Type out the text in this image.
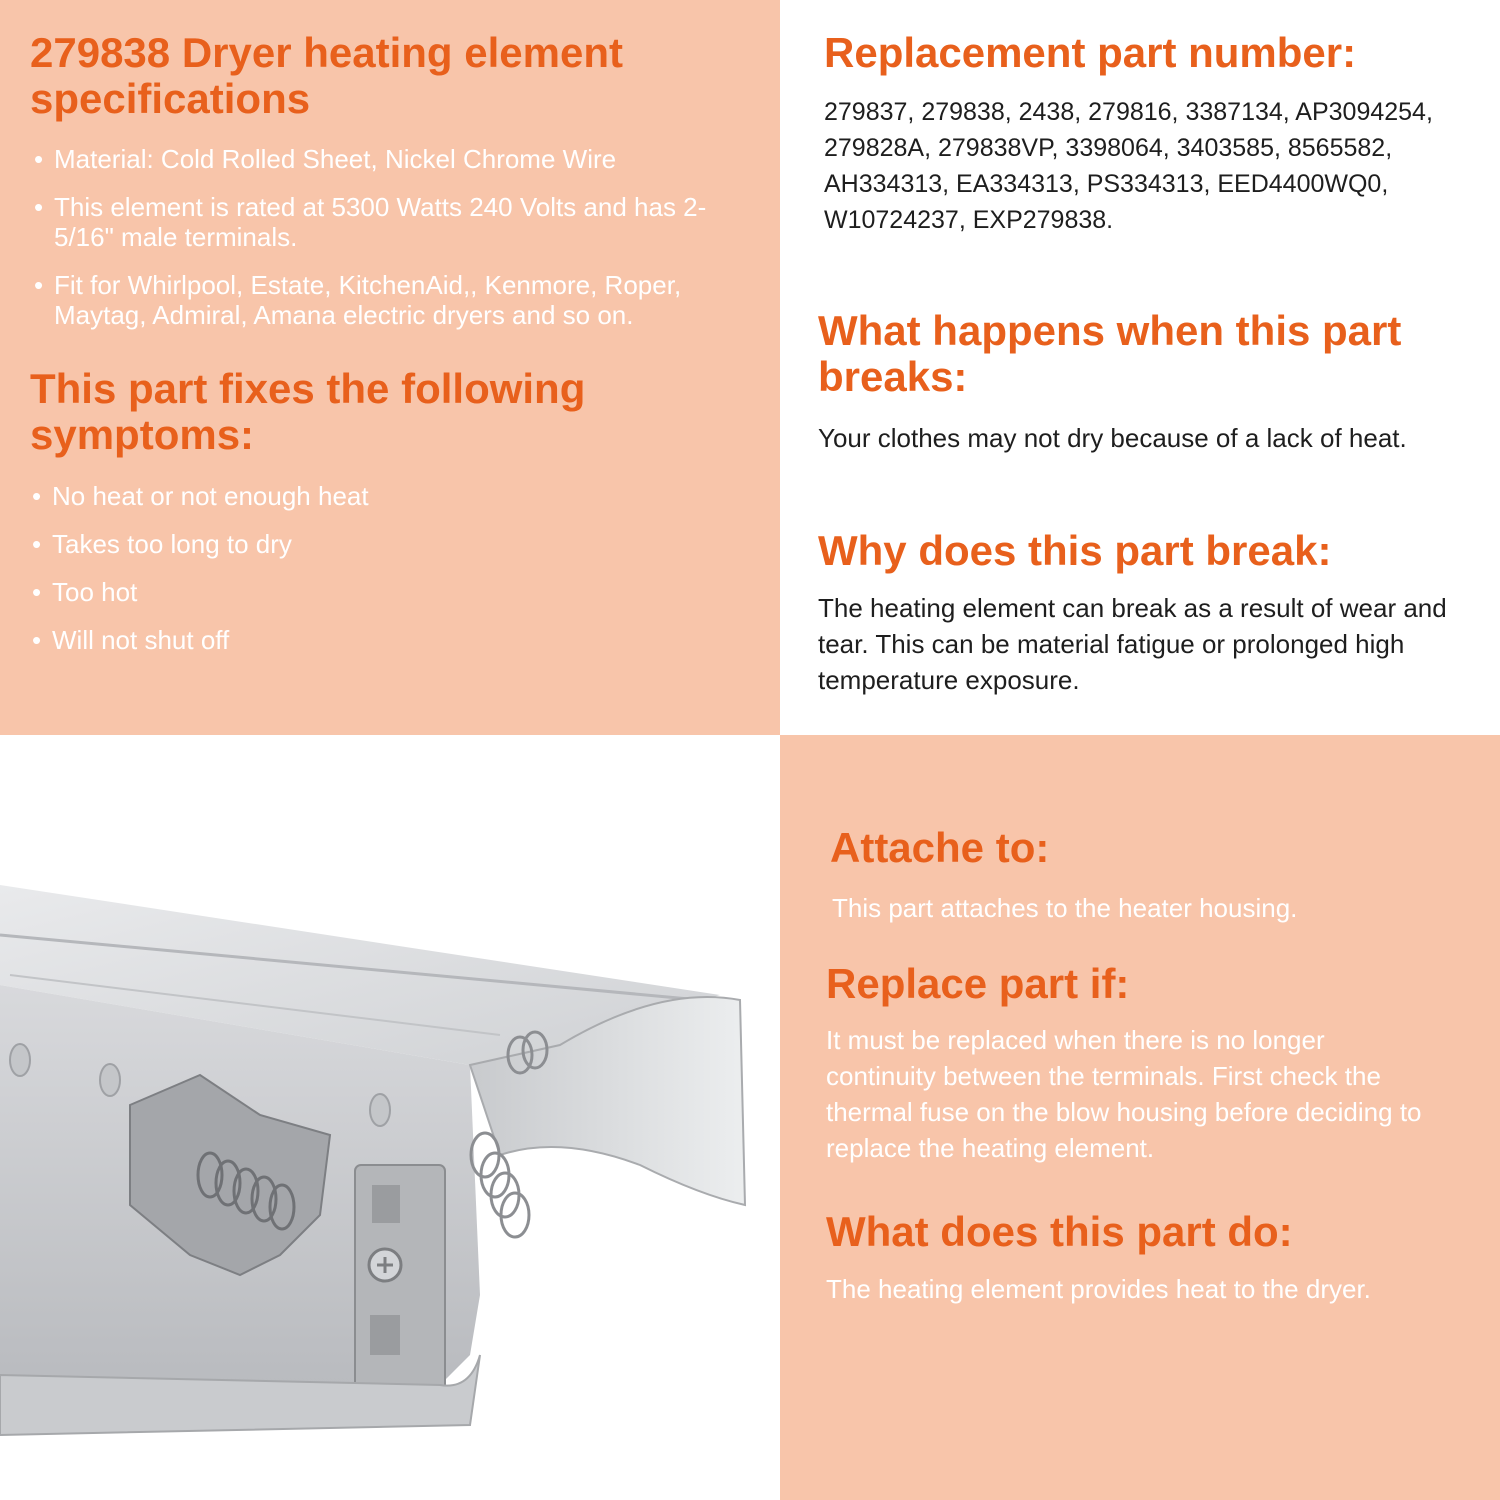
279838 Dryer heating element specifications
• Material: Cold Rolled Sheet, Nickel Chrome Wire
• This element is rated at 5300 Watts 240 Volts and has 2- 5/16" male terminals.
• Fit for Whirlpool, Estate, KitchenAid,, Kenmore, Roper, Maytag, Admiral, Amana electric dryers and so on.
This part fixes the following symptoms:
• No heat or not enough heat
• Takes too long to dry
• Too hot
• Will not shut off
Replacement part number:

279837, 279838, 2438, 279816, 3387134, AP3094254, 279828A, 279838VP, 3398064, 3403585, 8565582, AH334313, EA334313, PS334313, EED4400WQ0, W10724237, EXP279838.

What happens when this part breaks:

Your clothes may not dry because of a lack of heat.

Why does this part break:

The heating element can break as a result of wear and tear. This can be material fatigue or prolonged high temperature exposure.

Attache to:

This part attaches to the heater housing.

Replace part if:

It must be replaced when there is no longer continuity between the terminals. First check the thermal fuse on the blow housing before deciding to replace the heating element.

What does this part do:

The heating element provides heat to the dryer.
